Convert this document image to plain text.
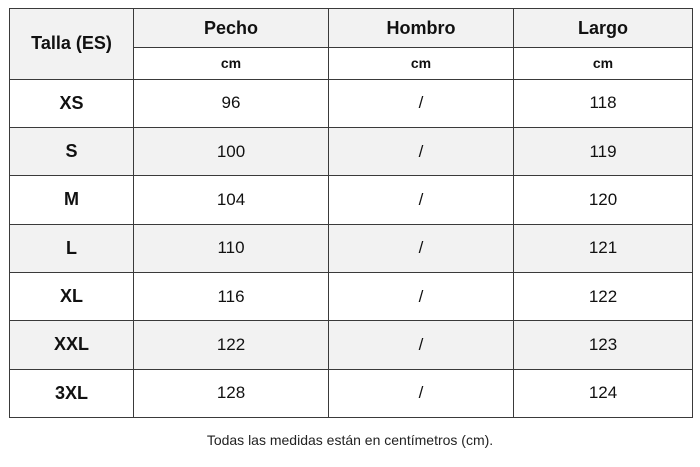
Talla (ES)	Pecho	Hombro	Largo
	cm	cm	cm
XS	96	/	118
S	100	/	119
M	104	/	120
L	110	/	121
XL	116	/	122
XXL	122	/	123
3XL	128	/	124
Todas las medidas están en centímetros (cm).
